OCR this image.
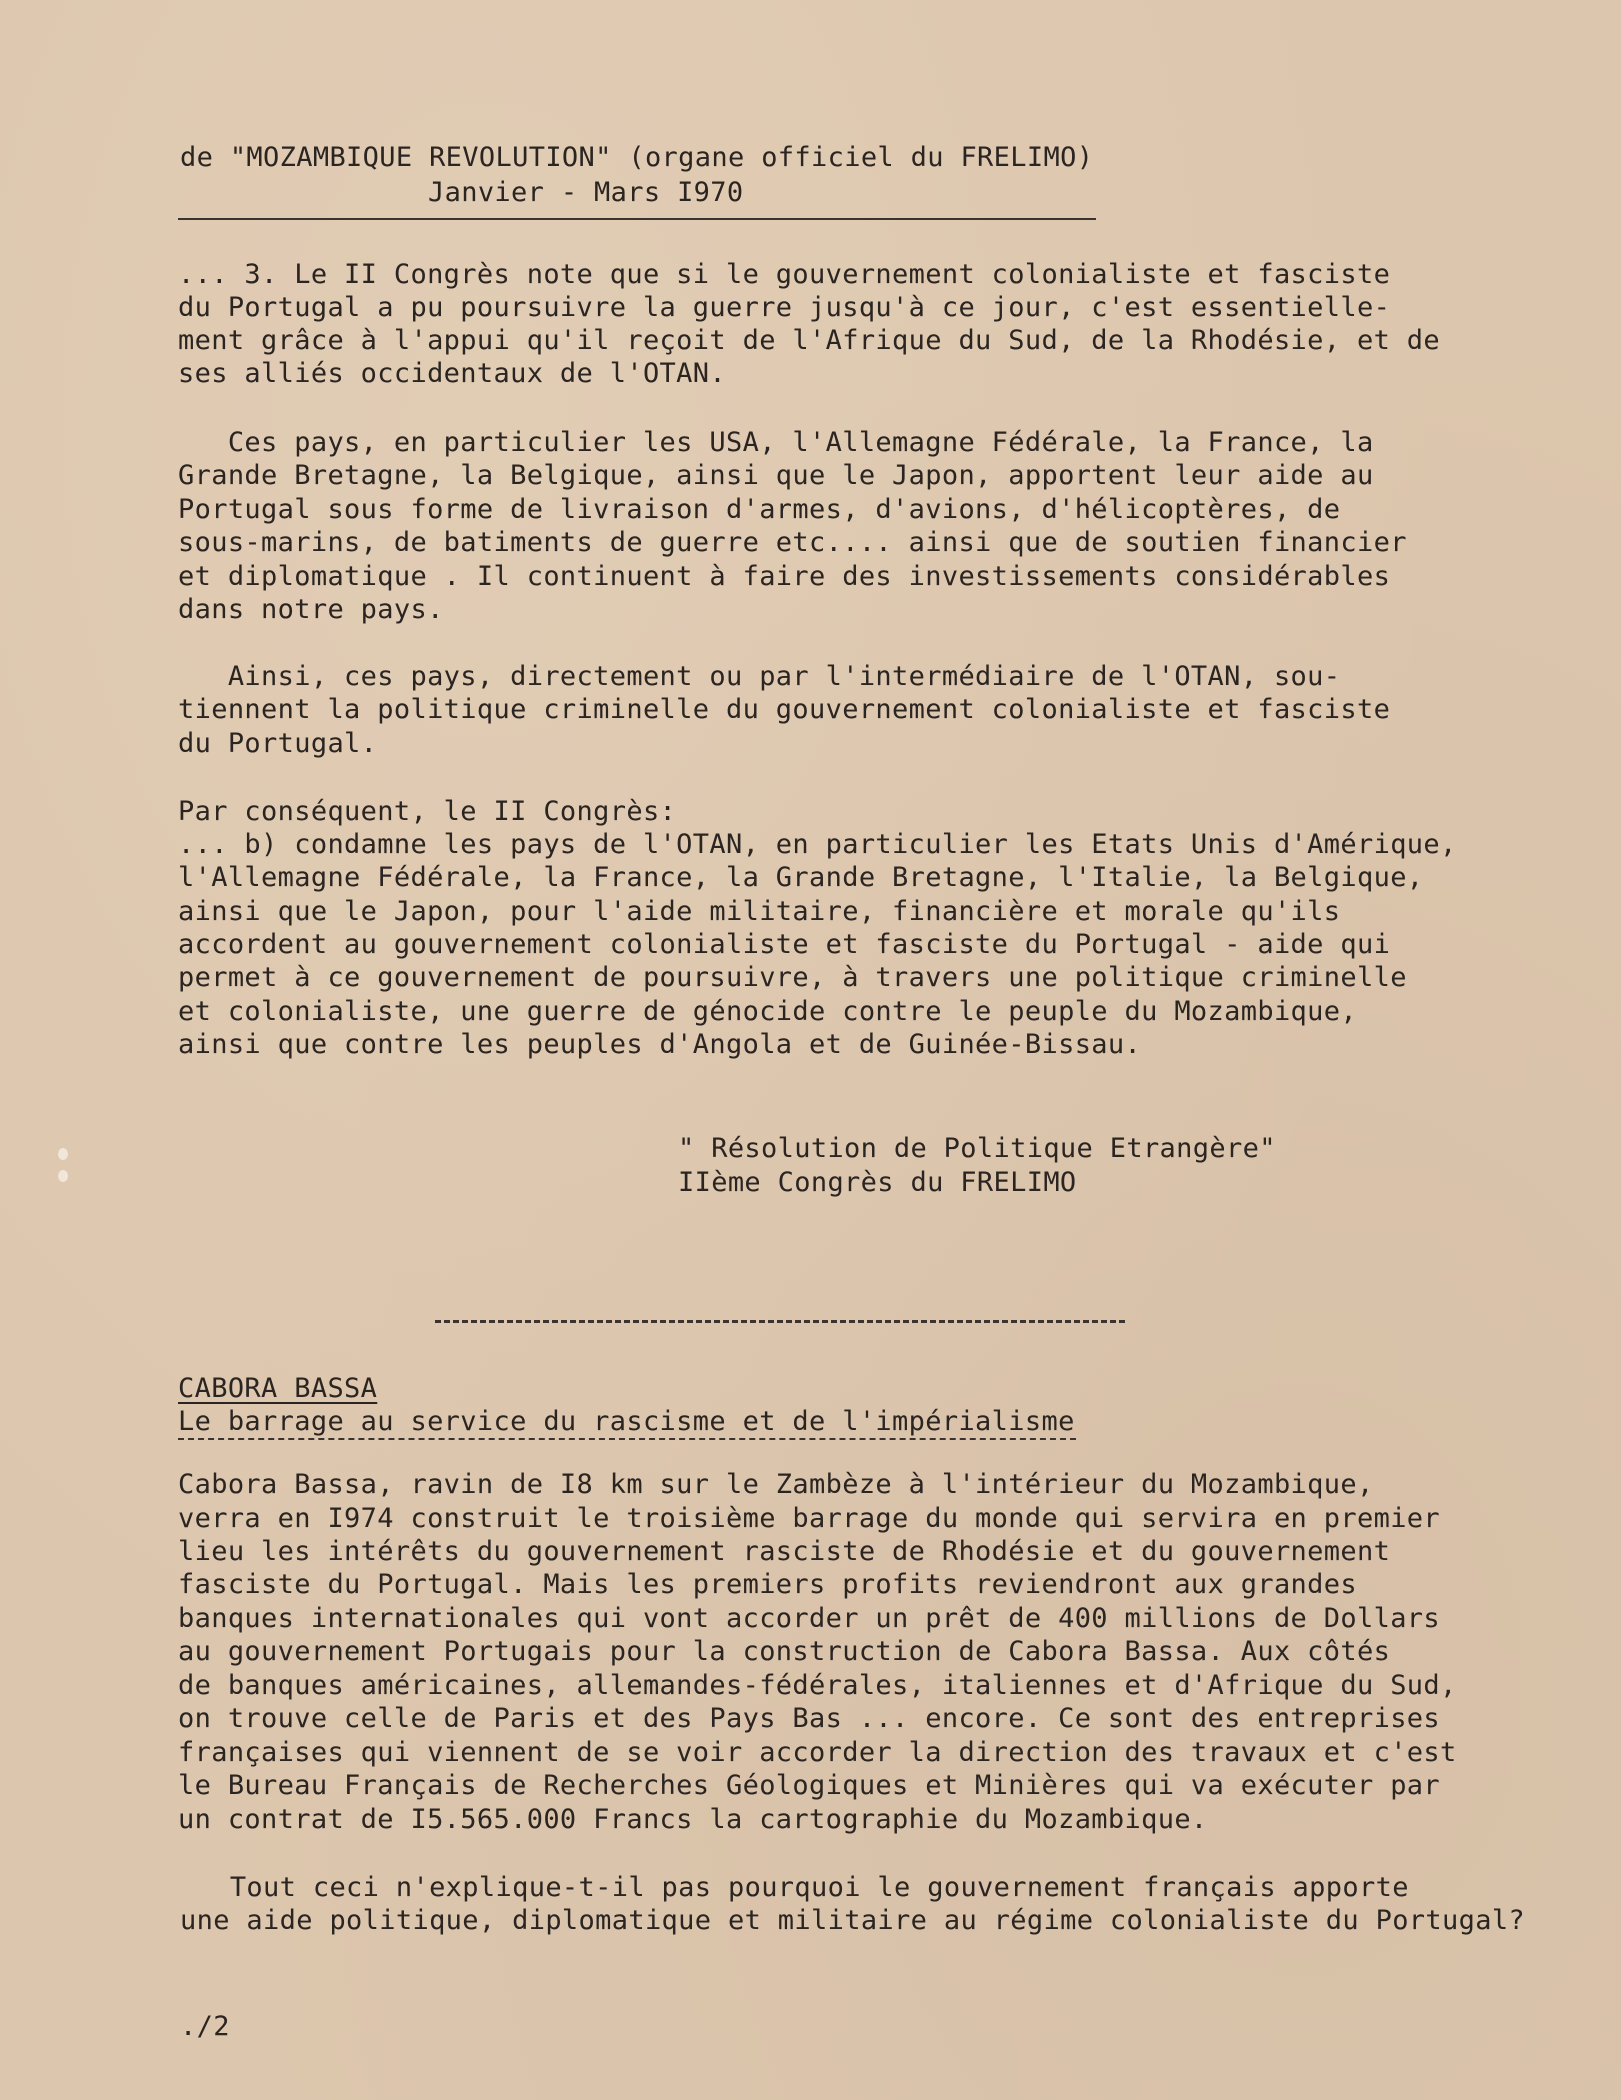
de "MOZAMBIQUE REVOLUTION" (organe officiel du FRELIMO)
Janvier - Mars I970
... 3. Le II Congrès note que si le gouvernement colonialiste et fasciste
du Portugal a pu poursuivre la guerre jusqu'à ce jour, c'est essentielle-
ment grâce à l'appui qu'il reçoit de l'Afrique du Sud, de la Rhodésie, et de
ses alliés occidentaux de l'OTAN.
Ces pays, en particulier les USA, l'Allemagne Fédérale, la France, la
Grande Bretagne, la Belgique, ainsi que le Japon, apportent leur aide au
Portugal sous forme de livraison d'armes, d'avions, d'hélicoptères, de
sous-marins, de batiments de guerre etc.... ainsi que de soutien financier
et diplomatique . Il continuent à faire des investissements considérables
dans notre pays.
Ainsi, ces pays, directement ou par l'intermédiaire de l'OTAN, sou-
tiennent la politique criminelle du gouvernement colonialiste et fasciste
du Portugal.
Par conséquent, le II Congrès:
... b) condamne les pays de l'OTAN, en particulier les Etats Unis d'Amérique,
l'Allemagne Fédérale, la France, la Grande Bretagne, l'Italie, la Belgique,
ainsi que le Japon, pour l'aide militaire, financière et morale qu'ils
accordent au gouvernement colonialiste et fasciste du Portugal - aide qui
permet à ce gouvernement de poursuivre, à travers une politique criminelle
et colonialiste, une guerre de génocide contre le peuple du Mozambique,
ainsi que contre les peuples d'Angola et de Guinée-Bissau.
" Résolution de Politique Etrangère"
IIème Congrès du FRELIMO
CABORA BASSA
Le barrage au service du rascisme et de l'impérialisme
Cabora Bassa, ravin de I8 km sur le Zambèze à l'intérieur du Mozambique,
verra en I974 construit le troisième barrage du monde qui servira en premier
lieu les intérêts du gouvernement rasciste de Rhodésie et du gouvernement
fasciste du Portugal. Mais les premiers profits reviendront aux grandes
banques internationales qui vont accorder un prêt de 400 millions de Dollars
au gouvernement Portugais pour la construction de Cabora Bassa. Aux côtés
de banques américaines, allemandes-fédérales, italiennes et d'Afrique du Sud,
on trouve celle de Paris et des Pays Bas ... encore. Ce sont des entreprises
françaises qui viennent de se voir accorder la direction des travaux et c'est
le Bureau Français de Recherches Géologiques et Minières qui va exécuter par
un contrat de I5.565.000 Francs la cartographie du Mozambique.
Tout ceci n'explique-t-il pas pourquoi le gouvernement français apporte
une aide politique, diplomatique et militaire au régime colonialiste du Portugal?
./2
